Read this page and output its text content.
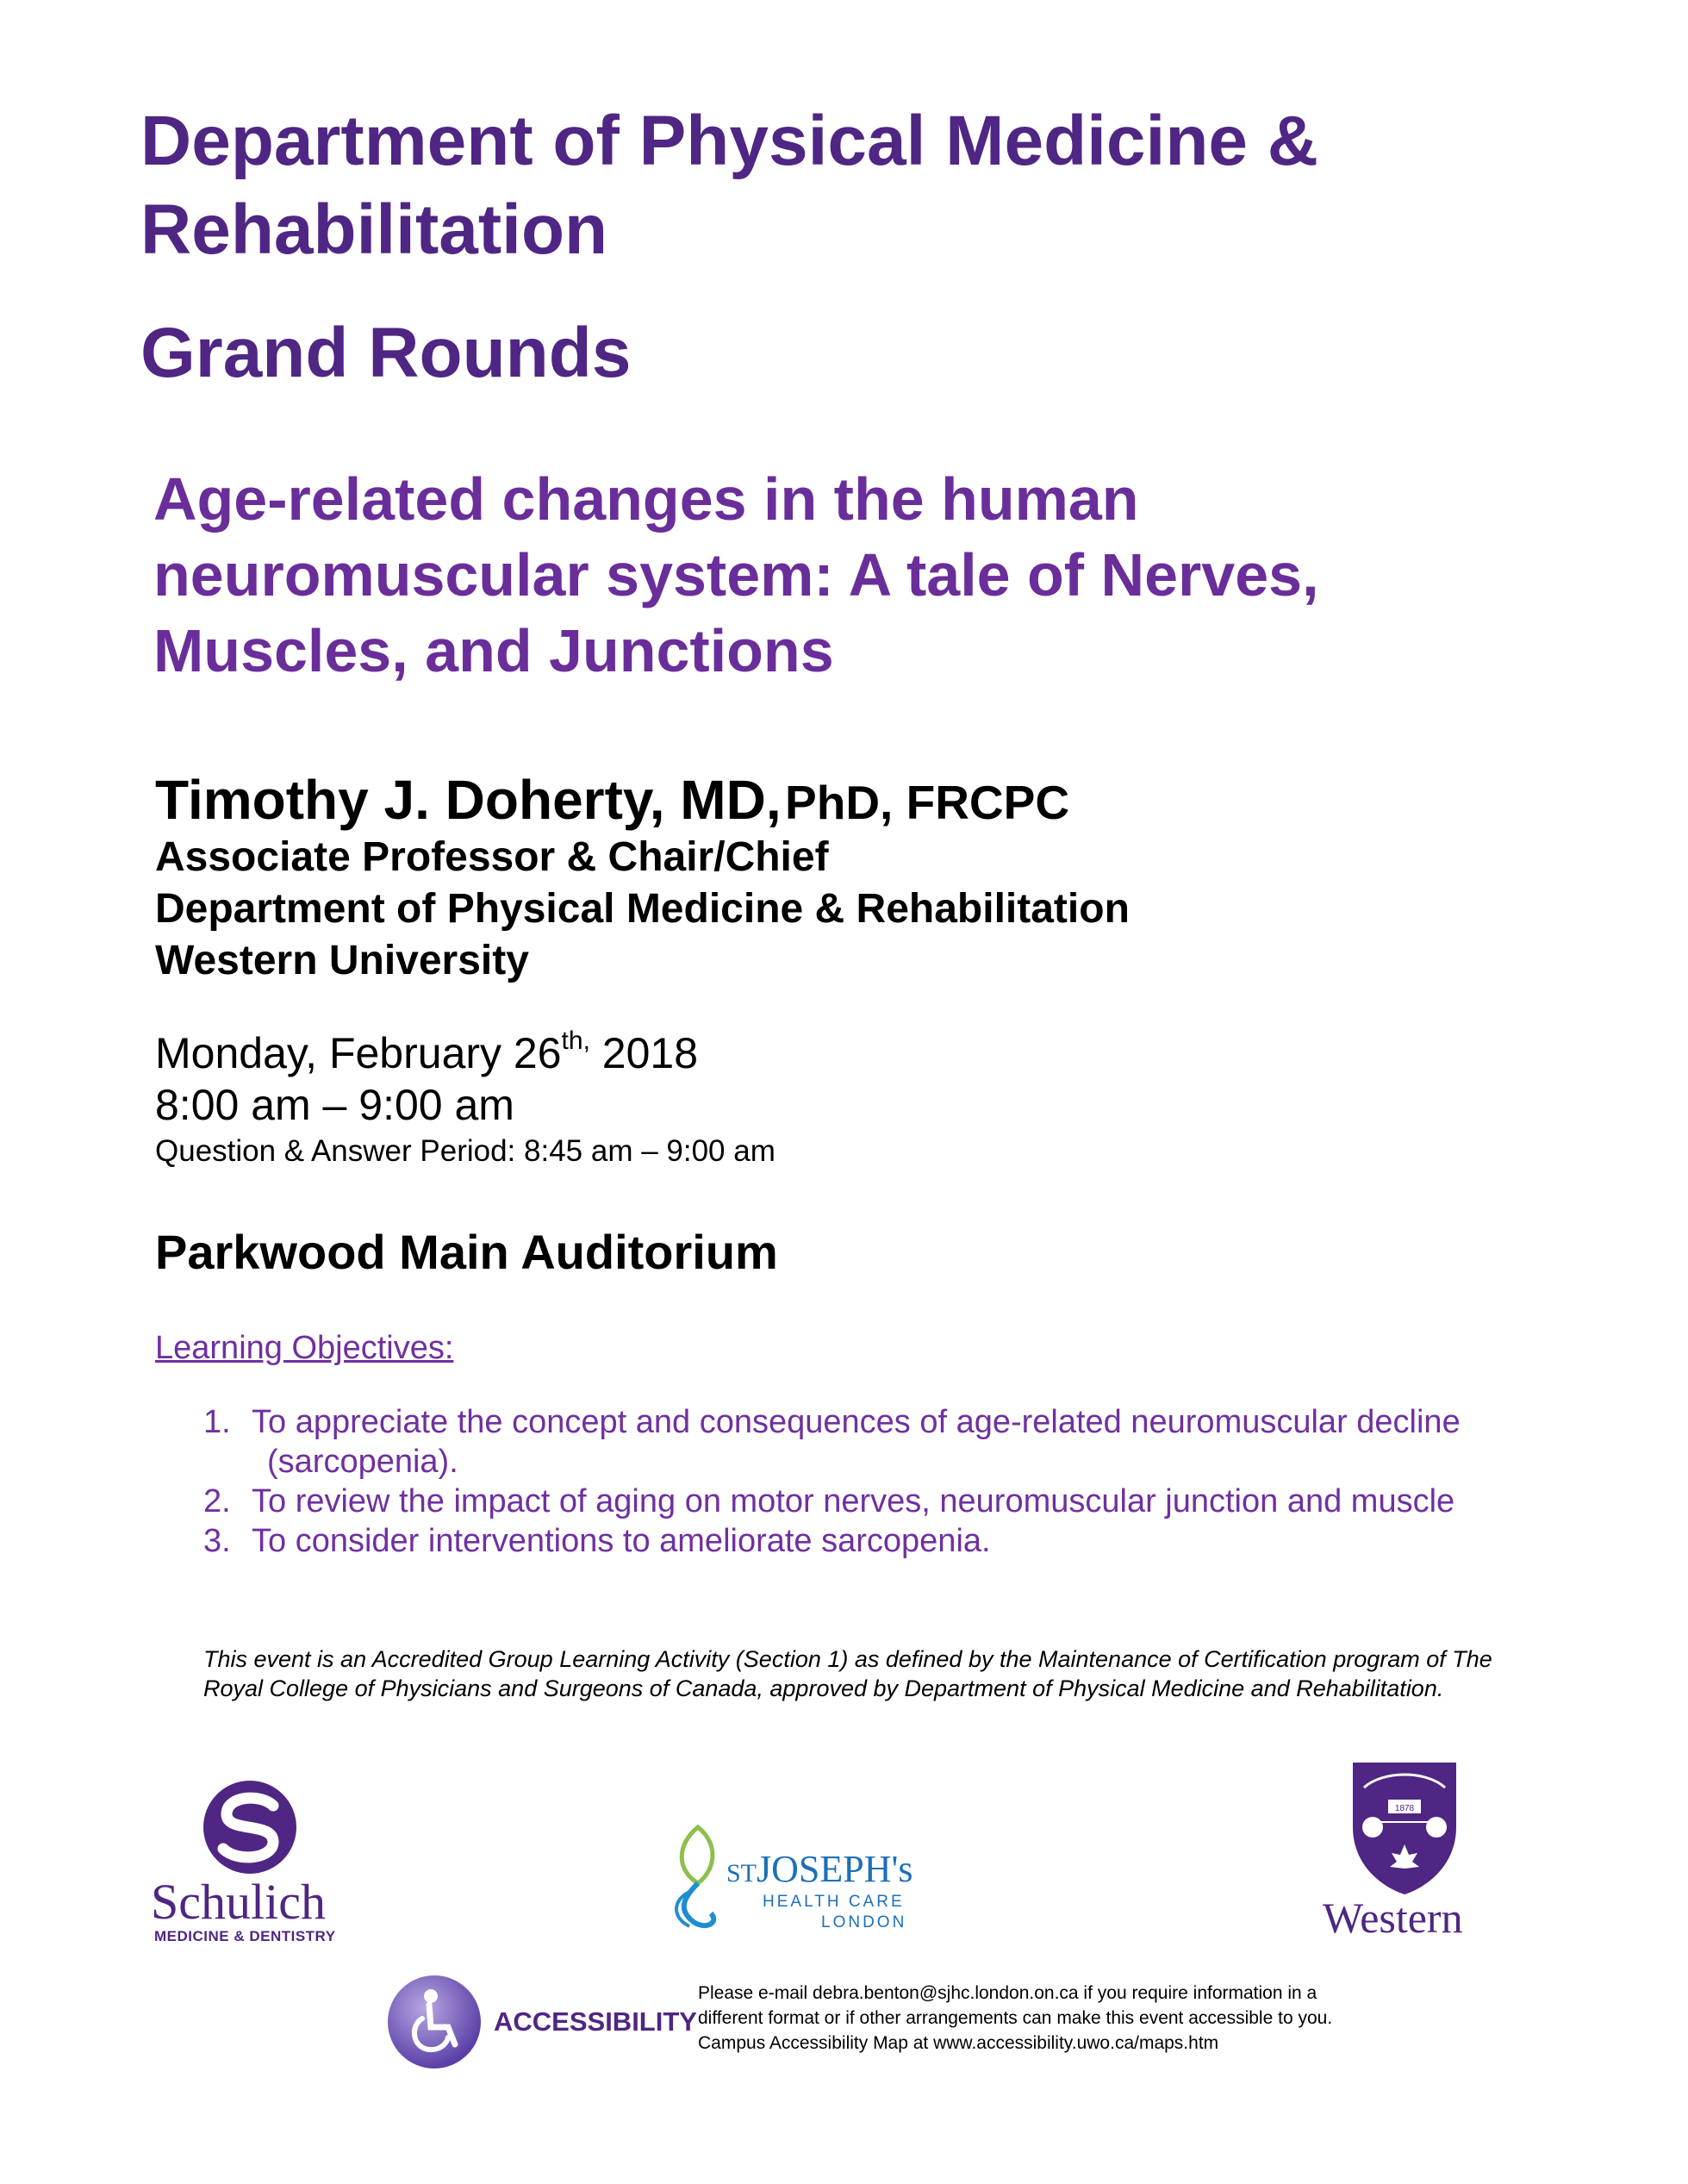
Department of Physical Medicine &
Rehabilitation
Grand Rounds
Age-related changes in the human
neuromuscular system: A tale of Nerves,
Muscles, and Junctions
Timothy J. Doherty, MD, PhD, FRCPC
Associate Professor & Chair/Chief
Department of Physical Medicine & Rehabilitation
Western University
Monday, February $26^{th,}$ 2018
8:00 am – 9:00 am
Question & Answer Period: 8:45 am – 9:00 am
Parkwood Main Auditorium
Learning Objectives:
1. To appreciate the concept and consequences of age-related neuromuscular decline
(sarcopenia).
2. To review the impact of aging on motor nerves, neuromuscular junction and muscle
3. To consider interventions to ameliorate sarcopenia.

This event is an Accredited Group Learning Activity (Section 1) as defined by the Maintenance of Certification program of The Royal College of Physicians and Surgeons of Canada, approved by Department of Physical Medicine and Rehabilitation.

Schulich
MEDICINE & DENTISTRY
STJOSEPH's
HEALTH CARE
LONDON
1878
Western
ACCESSIBILITY
Please e-mail debra.benton@sjhc.london.on.ca if you require information in a
different format or if other arrangements can make this event accessible to you.
Campus Accessibility Map at www.accessibility.uwo.ca/maps.htm
